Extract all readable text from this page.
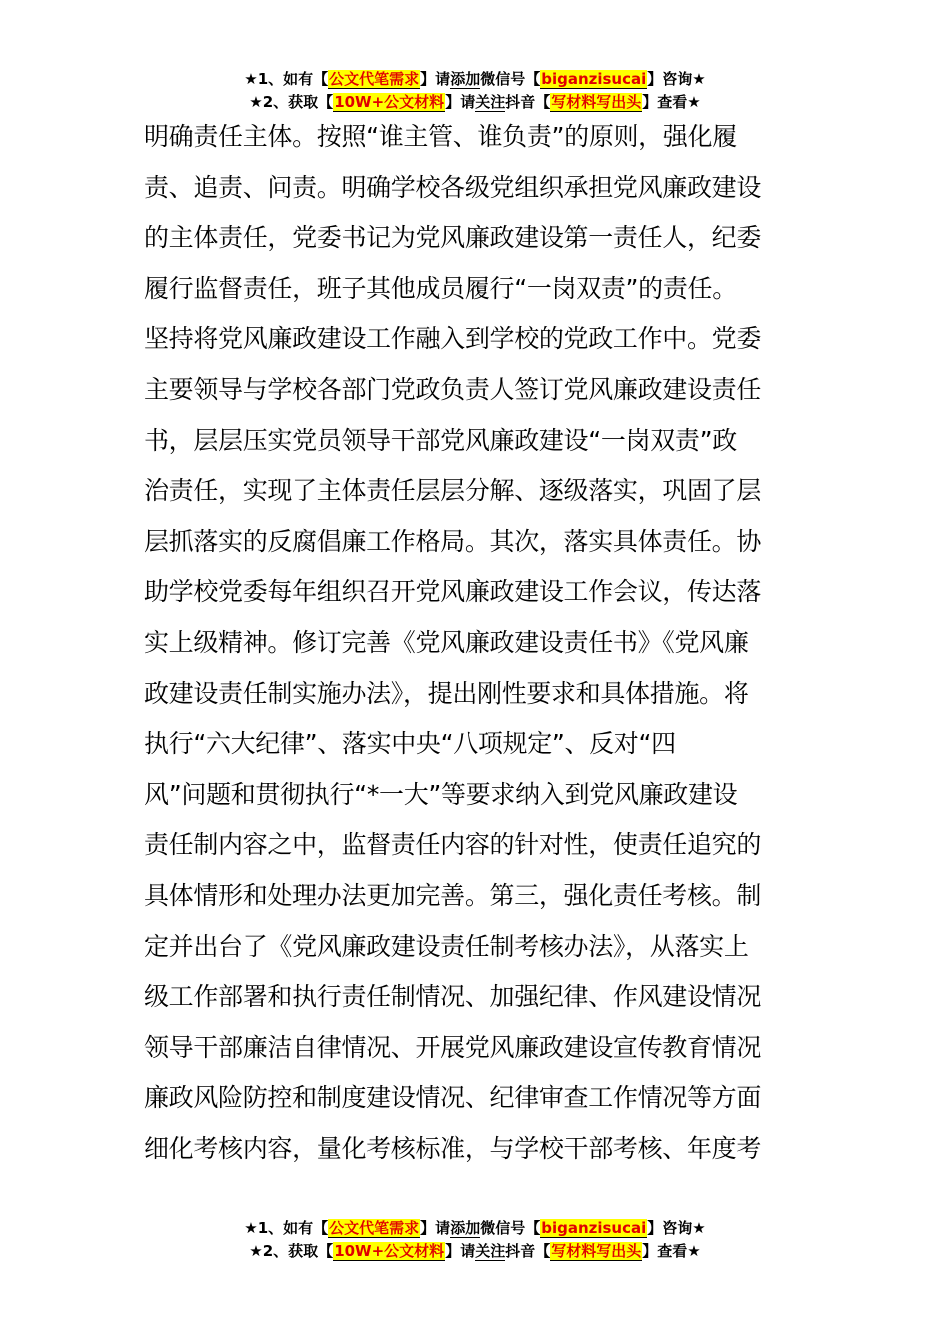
★1、如有【公文代笔需求】请添加微信号【biganzisucai】咨询★
★2、获取【10W+公文材料】请关注抖音【写材料写出头】查看★
明确责任主体。按照“谁主管、谁负责”的原则，强化履
责、追责、问责。明确学校各级党组织承担党风廉政建设
的主体责任，党委书记为党风廉政建设第一责任人，纪委
履行监督责任，班子其他成员履行“一岗双责”的责任。
坚持将党风廉政建设工作融入到学校的党政工作中。党委
主要领导与学校各部门党政负责人签订党风廉政建设责任
书，层层压实党员领导干部党风廉政建设“一岗双责”政
治责任，实现了主体责任层层分解、逐级落实，巩固了层
层抓落实的反腐倡廉工作格局。其次，落实具体责任。协
助学校党委每年组织召开党风廉政建设工作会议，传达落
实上级精神。修订完善《党风廉政建设责任书》《党风廉
政建设责任制实施办法》，提出刚性要求和具体措施。将
执行“六大纪律”、落实中央“八项规定”、反对“四
风”问题和贯彻执行“*一大”等要求纳入到党风廉政建设
责任制内容之中，监督责任内容的针对性，使责任追究的
具体情形和处理办法更加完善。第三，强化责任考核。制
定并出台了《党风廉政建设责任制考核办法》，从落实上
级工作部署和执行责任制情况、加强纪律、作风建设情况
领导干部廉洁自律情况、开展党风廉政建设宣传教育情况
廉政风险防控和制度建设情况、纪律审查工作情况等方面
细化考核内容，量化考核标准，与学校干部考核、年度考
★1、如有【公文代笔需求】请添加微信号【biganzisucai】咨询★
★2、获取【10W+公文材料】请关注抖音【写材料写出头】查看★
